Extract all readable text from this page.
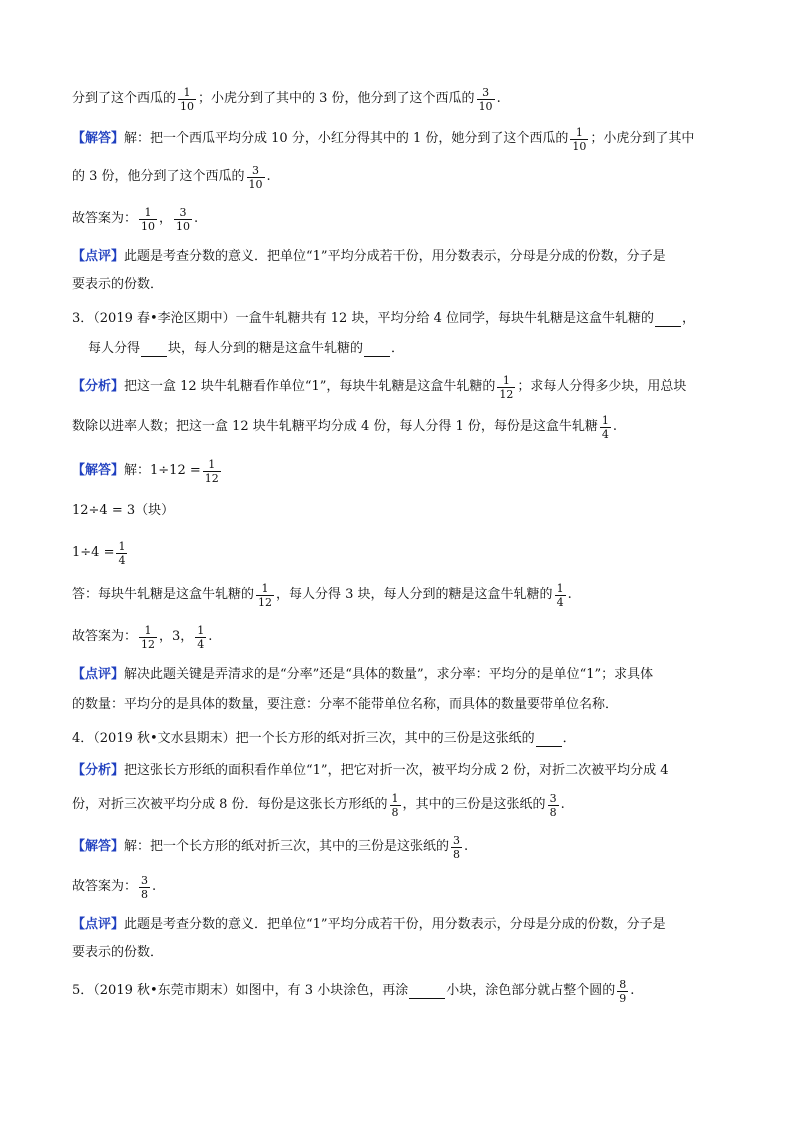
分到了这个西瓜的 $\frac{1}{10}$ ；小虎分到了其中的 3 份，他分到了这个西瓜的 $\frac{3}{10}$ .
【解答】 解：把一个西瓜平均分成 10 分，小红分得其中的 1 份，她分到了这个西瓜的 $\frac{1}{10}$ ；小虎分到了其中
的 3 份，他分到了这个西瓜的 $\frac{3}{10}$ .
故答案为： $\frac{1}{10}$ ， $\frac{3}{10}$ .
【点评】 此题是考查分数的意义．把单位“1”平均分成若干份，用分数表示，分母是分成的份数，分子是
要表示的份数．
3．（2019 春•李沧区期中）一盒牛轧糖共有 12 块，平均分给 4 位同学，每块牛轧糖是这盒牛轧糖的 ，
每人分得 块，每人分到的糖是这盒牛轧糖的 ．
【分析】 把这一盒 12 块牛轧糖看作单位“1”，每块牛轧糖是这盒牛轧糖的 $\frac{1}{12}$ ；求每人分得多少块，用总块
数除以进率人数；把这一盒 12 块牛轧糖平均分成 4 份，每人分得 1 份，每份是这盒牛轧糖 $\frac{1}{4}$ .
【解答】 解：$1\div 12 = \frac{1}{12}$
12÷4 = 3（块）
$1\div 4 = \frac{1}{4}$
答：每块牛轧糖是这盒牛轧糖的 $\frac{1}{12}$ ，每人分得 3 块，每人分到的糖是这盒牛轧糖的 $\frac{1}{4}$ .
故答案为： $\frac{1}{12}$ ，3， $\frac{1}{4}$ .
【点评】 解决此题关键是弄清求的是“分率”还是“具体的数量”，求分率：平均分的是单位“1”；求具体
的数量：平均分的是具体的数量，要注意：分率不能带单位名称，而具体的数量要带单位名称．
4．（2019 秋•文水县期末）把一个长方形的纸对折三次，其中的三份是这张纸的 ．
【分析】 把这张长方形纸的面积看作单位“1”，把它对折一次，被平均分成 2 份，对折二次被平均分成 4
份，对折三次被平均分成 8 份．每份是这张长方形纸的 $\frac{1}{8}$ ，其中的三份是这张纸的 $\frac{3}{8}$ .
【解答】 解：把一个长方形的纸对折三次，其中的三份是这张纸的 $\frac{3}{8}$ .
故答案为： $\frac{3}{8}$ .
【点评】 此题是考查分数的意义．把单位“1”平均分成若干份，用分数表示，分母是分成的份数，分子是
要表示的份数．
5．（2019 秋•东莞市期末）如图中，有 3 小块涂色，再涂	小块，涂色部分就占整个圆的 $\frac{8}{9}$ .
